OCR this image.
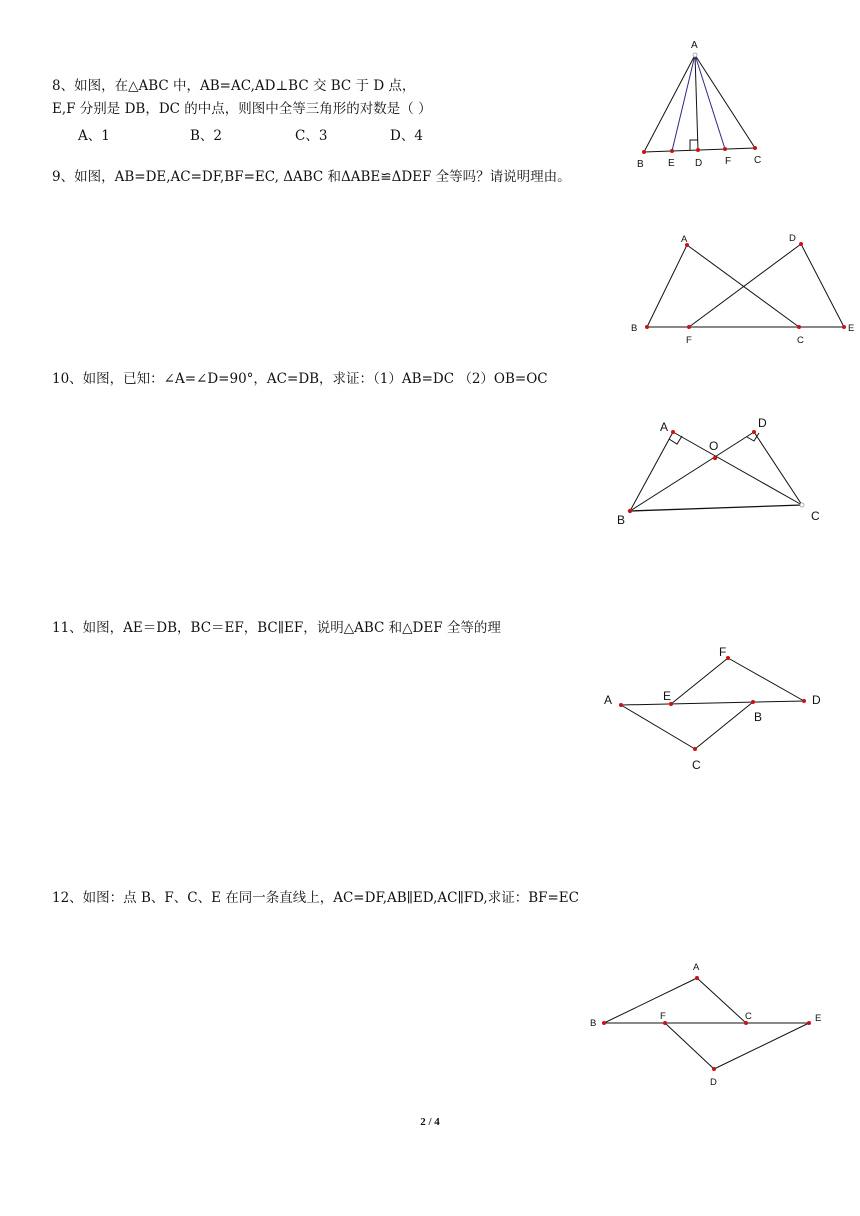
8、如图，在△ABC 中，AB=AC,AD⊥BC 交 BC 于 D 点，
E,F 分别是 DB，DC 的中点，则图中全等三角形的对数是（ ）
A、1	B、2	C、3	D、4
A
B E D F C
9、如图，AB=DE,AC=DF,BF=EC, ΔABC 和ΔABE≌ΔDEF 全等吗？请说明理由。
A	D
B
F	C
E
10、如图，已知：∠A=∠D=90°，AC=DB，求证：（1）AB=DC （2）OB=OC
A
O
D
B	C
11、如图，AE＝DB，BC＝EF，BC∥EF，说明△ABC 和△DEF 全等的理
F
A	E	D
B
C
12、如图：点 B、F、C、E 在同一条直线上，AC=DF,AB∥ED,AC∥FD,求证：BF=EC
A
B
F	C	E
D
2 / 4
